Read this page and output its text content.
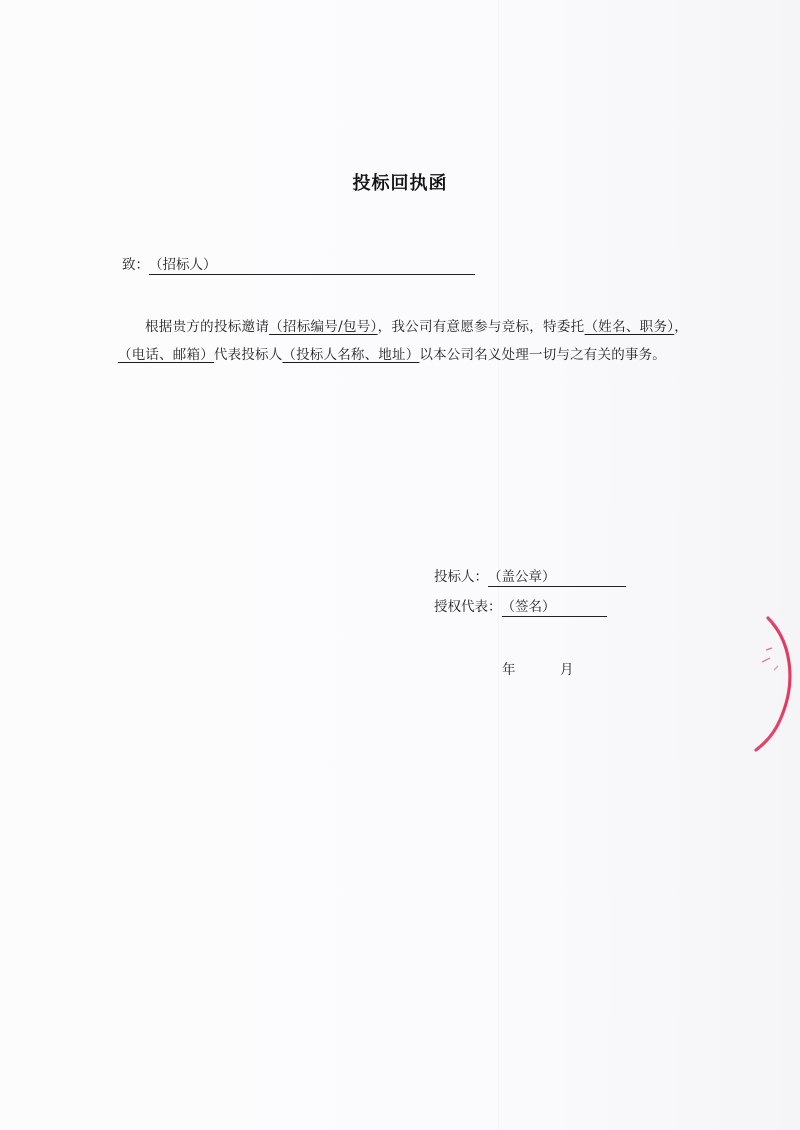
投标回执函
致：（招标人）

根据贵方的投标邀请（招标编号/包号），我公司有意愿参与竞标，特委托（姓名、职务），（电话、邮箱）代表投标人（投标人名称、地址）以本公司名义处理一切与之有关的事务。

投标人：（盖公章）
授权代表：（签名）
年	月
